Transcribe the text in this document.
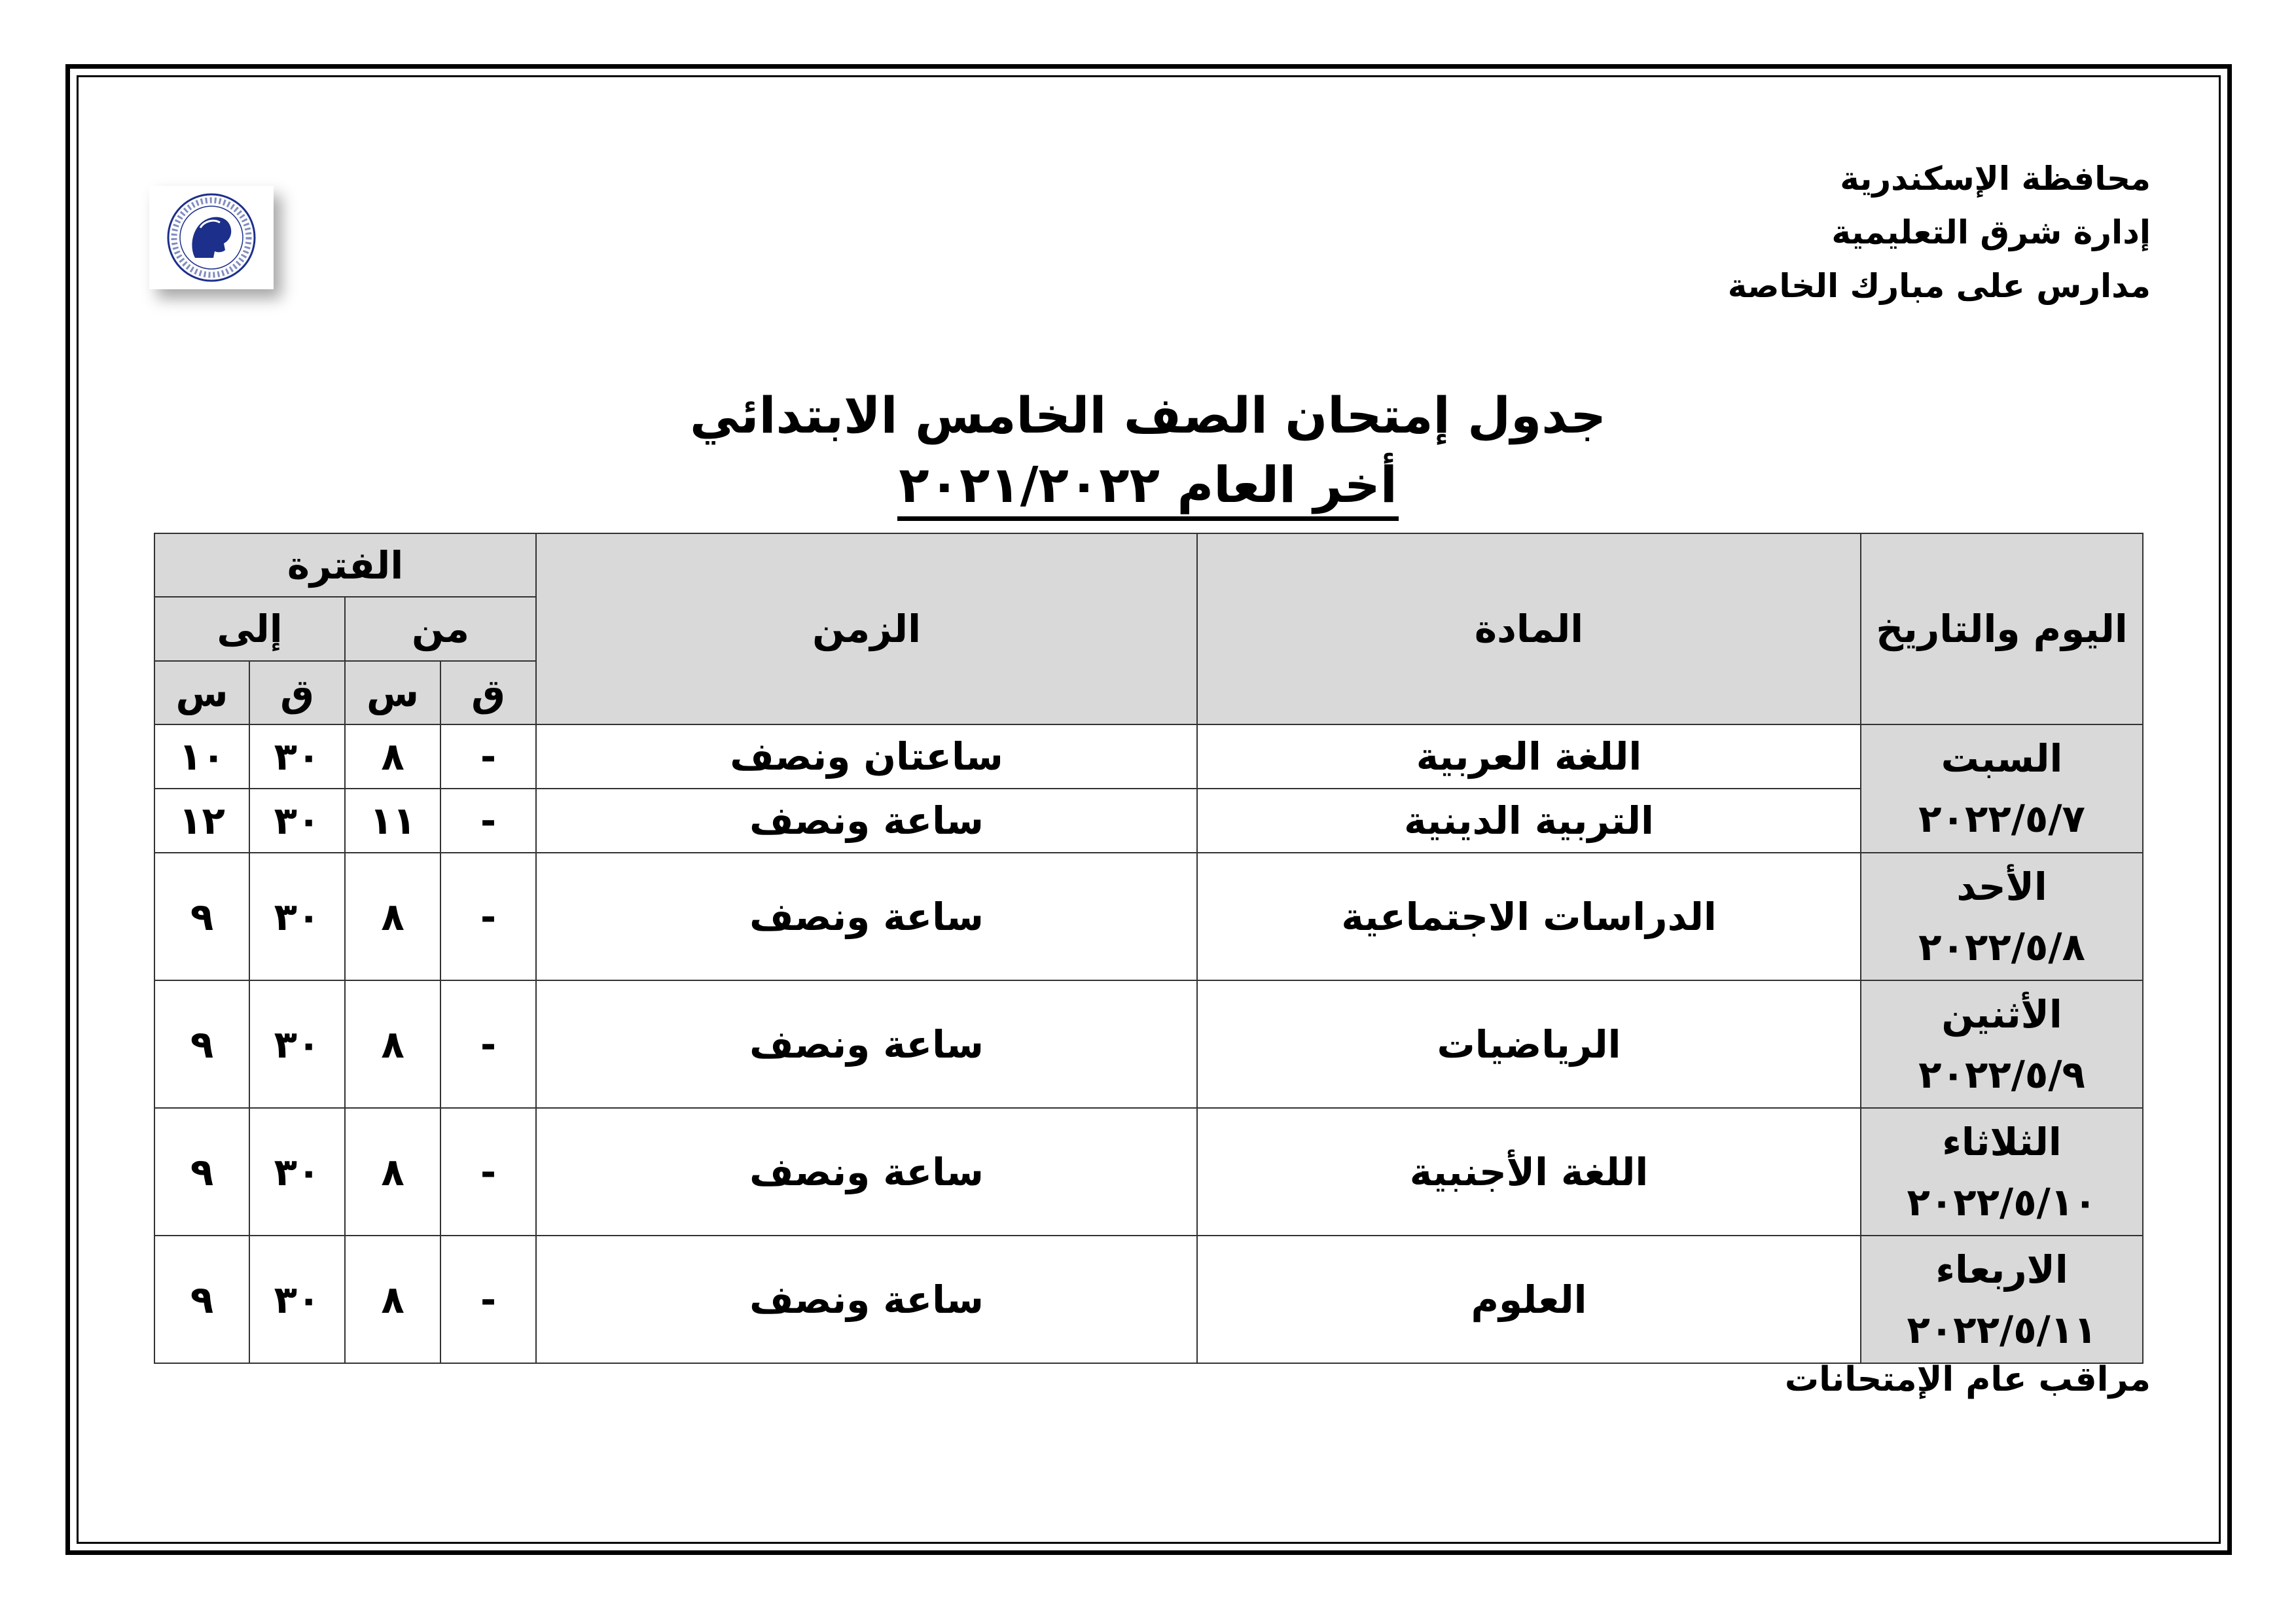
محافظة الإسكندرية
إدارة شرق التعليمية
مدارس على مبارك الخاصة
جدول إمتحان الصف الخامس الابتدائي
أخر العام ٢٠٢١/٢٠٢٢
اليوم والتاريخ	المادة	الزمن	الفترة			
			من		إلى	
			ق	س	ق	س

السبت
٢٠٢٢/٥/٧	اللغة العربية	ساعتان ونصف	-	٨	٣٠	١٠
	التربية الدينية	ساعة ونصف	-	١١	٣٠	١٢

الأحد
٢٠٢٢/٥/٨	الدراسات الاجتماعية	ساعة ونصف	-	٨	٣٠	٩

الأثنين
٢٠٢٢/٥/٩	الرياضيات	ساعة ونصف	-	٨	٣٠	٩

الثلاثاء
٢٠٢٢/٥/١٠	اللغة الأجنبية	ساعة ونصف	-	٨	٣٠	٩

الاربعاء
٢٠٢٢/٥/١١	العلوم	ساعة ونصف	-	٨	٣٠	٩
مراقب عام الإمتحانات
